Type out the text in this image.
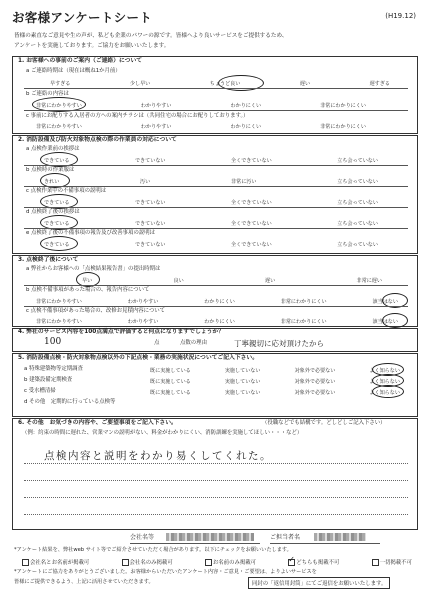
お客様アンケートシート	(H19.12)
皆様の素直なご意見や生の声が、私ども企業のパワーの源です。皆様へより良いサービスをご提供するため、
アンケートを実施しております。ご協力をお願いいたします。
1. お客様への事前のご案内（ご連絡）について
a ご連絡時期は（現在は概ね1か月前）
早すぎる	少し早い	ちょうど良い	遅い	遅すぎる
b ご連絡の内容は
非常にわかりやすい	わかりやすい	わかりにくい	非常にわかりにくい
c 事前にお配りする入居者の方への案内チラシは（共同住宅の場合にお配りしております。）
非常にわかりやすい	わかりやすい	わかりにくい	非常にわかりにくい
2. 消防設備及び防火対象物点検の際の作業員の対応について
a 点検作業前の挨拶は
できている	できていない	全くできていない	立ち会っていない
b 点検時の作業服は
きれい	汚い	非常に汚い	立ち会っていない
c 点検作業中の不備事項の説明は
できている	できていない	全くできていない	立ち会っていない
d 点検終了後の挨拶は
できている	できていない	全くできていない	立ち会っていない
e 点検終了後の不備事項の報告及び改善事項の説明は
できている	できていない	全くできていない	立ち会っていない
3. 点検終了後について
a 弊社からお客様への「点検結果報告書」の提出時期は
早い	良い	遅い	非常に遅い
b 点検不備事項があった場合の、報告内容について
非常にわかりやすい	わかりやすい	わかりにくい	非常にわかりにくい	該当はない
c 点検不備事項があった場合の、改修お見積内容について
非常にわかりやすい	わかりやすい	わかりにくい	非常にわかりにくい	該当はない
4. 弊社のサービス内容を100点満点で評価すると何点になりますでしょうか？
100	点	点数の理由	丁寧親切に応対頂けたから
5. 消防設備点検・防火対象物点検以外の下記点検・業務の実施状況についてご記入下さい。
a 特殊建築物等定期調査	既に実施している	実施していない	対象外で必要ない	よく知らない
b 建築設備定期検査	既に実施している	実施していない	対象外で必要ない	よく知らない
c 受水槽清掃	既に実施している	実施していない	対象外で必要ない	よく知らない
d その他　定期的に行っている点検等
6. その他　お気づきの内容や、ご要望事項をご記入下さい。	（役職などでも結構です。どしどしご記入下さい）
（例：約束の時間に遅れた、営業マンの説明がない、料金がわかりにくい、消防訓練を実施してほしい・・・など）
点検内容と説明をわかり易くしてくれた。
会社名等	ご担当者名
*アンケート結果を、弊社web サイト等でご紹介させていただく場合があります。以下にチェックをお願いいたします。
会社名とお名前が掲載可	会社名のみ掲載可	お名前のみ掲載可	✓ どちらも掲載不可	一切掲載不可
*アンケートにご協力をありがとうございました。お客様からいただいたアンケート内容・ご意見・ご要望は、よりよいサービスを
皆様にご提供できるよう、上記に活用させていただきます。	同封の「返信用封筒」にてご返信をお願いいたします。
